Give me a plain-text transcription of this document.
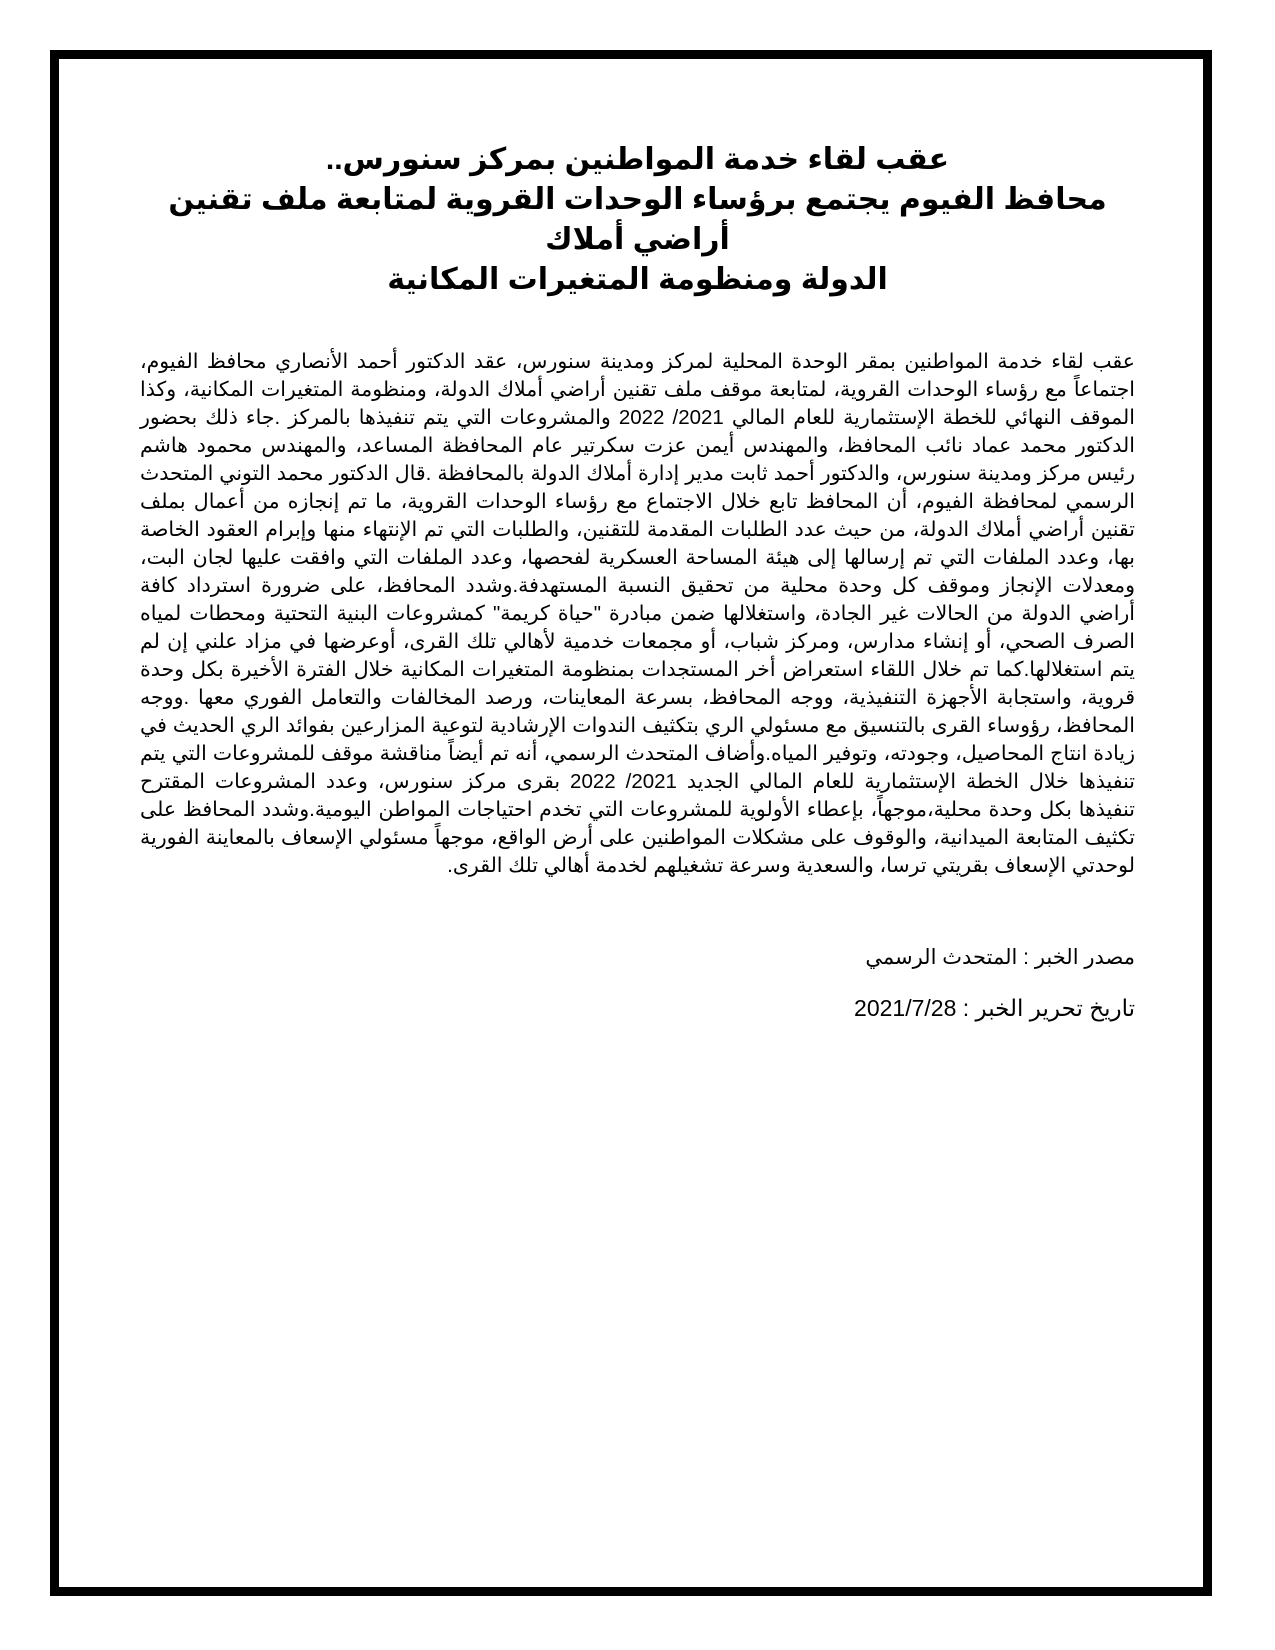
عقب لقاء خدمة المواطنين بمركز سنورس..
محافظ الفيوم يجتمع برؤساء الوحدات القروية لمتابعة ملف تقنين أراضي أملاك
الدولة ومنظومة المتغيرات المكانية

عقب لقاء خدمة المواطنين بمقر الوحدة المحلية لمركز ومدينة سنورس، عقد الدكتور أحمد الأنصاري محافظ الفيوم، اجتماعاً مع رؤساء الوحدات القروية، لمتابعة موقف ملف تقنين أراضي أملاك الدولة، ومنظومة المتغيرات المكانية، وكذا الموقف النهائي للخطة الإستثمارية للعام المالي 2021/ 2022 والمشروعات التي يتم تنفيذها بالمركز .جاء ذلك بحضور الدكتور محمد عماد نائب المحافظ، والمهندس أيمن عزت سكرتير عام المحافظة المساعد، والمهندس محمود هاشم رئيس مركز ومدينة سنورس، والدكتور أحمد ثابت مدير إدارة أملاك الدولة بالمحافظة .قال الدكتور محمد التوني المتحدث الرسمي لمحافظة الفيوم، أن المحافظ تابع خلال الاجتماع مع رؤساء الوحدات القروية، ما تم إنجازه من أعمال بملف تقنين أراضي أملاك الدولة، من حيث عدد الطلبات المقدمة للتقنين، والطلبات التي تم الإنتهاء منها وإبرام العقود الخاصة بها، وعدد الملفات التي تم إرسالها إلى هيئة المساحة العسكرية لفحصها، وعدد الملفات التي وافقت عليها لجان البت، ومعدلات الإنجاز وموقف كل وحدة محلية من تحقيق النسبة المستهدفة.وشدد المحافظ، على ضرورة استرداد كافة أراضي الدولة من الحالات غير الجادة، واستغلالها ضمن مبادرة "حياة كريمة" كمشروعات البنية التحتية ومحطات لمياه الصرف الصحي، أو إنشاء مدارس، ومركز شباب، أو مجمعات خدمية لأهالي تلك القرى، أوعرضها في مزاد علني إن لم يتم استغلالها.كما تم خلال اللقاء استعراض أخر المستجدات بمنظومة المتغيرات المكانية خلال الفترة الأخيرة بكل وحدة قروية، واستجابة الأجهزة التنفيذية، ووجه المحافظ، بسرعة المعاينات، ورصد المخالفات والتعامل الفوري معها .ووجه المحافظ، رؤوساء القرى بالتنسيق مع مسئولي الري بتكثيف الندوات الإرشادية لتوعية المزارعين بفوائد الري الحديث في زيادة انتاج المحاصيل، وجودته، وتوفير المياه.وأضاف المتحدث الرسمي، أنه تم أيضاً مناقشة موقف للمشروعات التي يتم تنفيذها خلال الخطة الإستثمارية للعام المالي الجديد 2021/ 2022 بقرى مركز سنورس، وعدد المشروعات المقترح تنفيذها بكل وحدة محلية،موجهاً، بإعطاء الأولوية للمشروعات التي تخدم احتياجات المواطن اليومية.وشدد المحافظ على تكثيف المتابعة الميدانية، والوقوف على مشكلات المواطنين على أرض الواقع، موجهاً مسئولي الإسعاف بالمعاينة الفورية لوحدتي الإسعاف بقريتي ترسا، والسعدية وسرعة تشغيلهم لخدمة أهالي تلك القرى.

مصدر الخبر : المتحدث الرسمي
تاريخ تحرير الخبر : 2021/7/28
